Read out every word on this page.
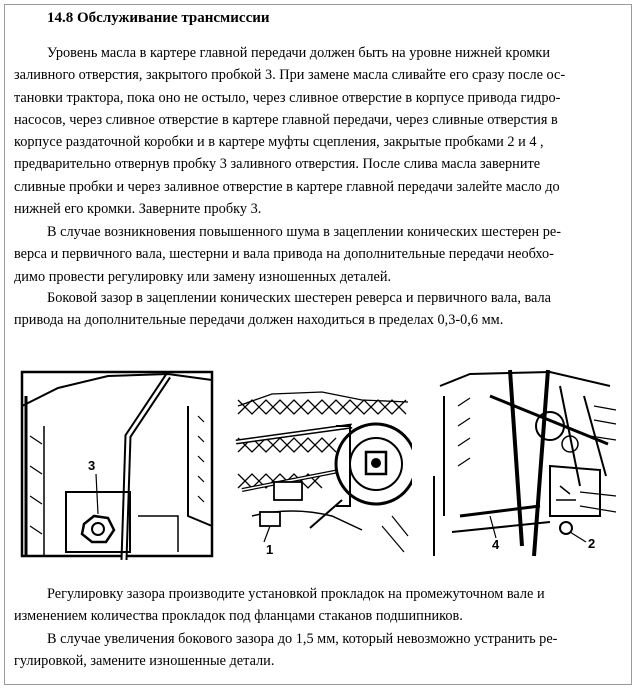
14.8 Обслуживание трансмиссии
Уровень масла в картере главной передачи должен быть на уровне нижней кромки
заливного отверстия, закрытого пробкой 3. При замене масла сливайте его сразу после ос-
тановки трактора, пока оно не остыло, через сливное отверстие в корпусе привода гидро-
насосов, через сливное отверстие в картере главной передачи, через сливные отверстия в
корпусе раздаточной коробки и в картере муфты сцепления, закрытые пробками 2 и 4 ,
предварительно отвернув пробку 3 заливного отверстия. После слива масла заверните
сливные пробки и через заливное отверстие в картере главной передачи залейте масло до
нижней его кромки. Заверните пробку 3.
В случае возникновения повышенного шума в зацеплении конических шестерен ре-
верса и первичного вала, шестерни и вала привода на дополнительные передачи необхо-
димо провести регулировку или замену изношенных деталей.
Боковой зазор в зацеплении конических шестерен реверса и первичного вала, вала
привода на дополнительные передачи должен находиться в пределах 0,3-0,6 мм.
3
1	4	2
Регулировку зазора производите установкой прокладок на промежуточном вале и
изменением количества прокладок под фланцами стаканов подшипников.
В случае увеличения бокового зазора до 1,5 мм, который невозможно устранить ре-
гулировкой, замените изношенные детали.
